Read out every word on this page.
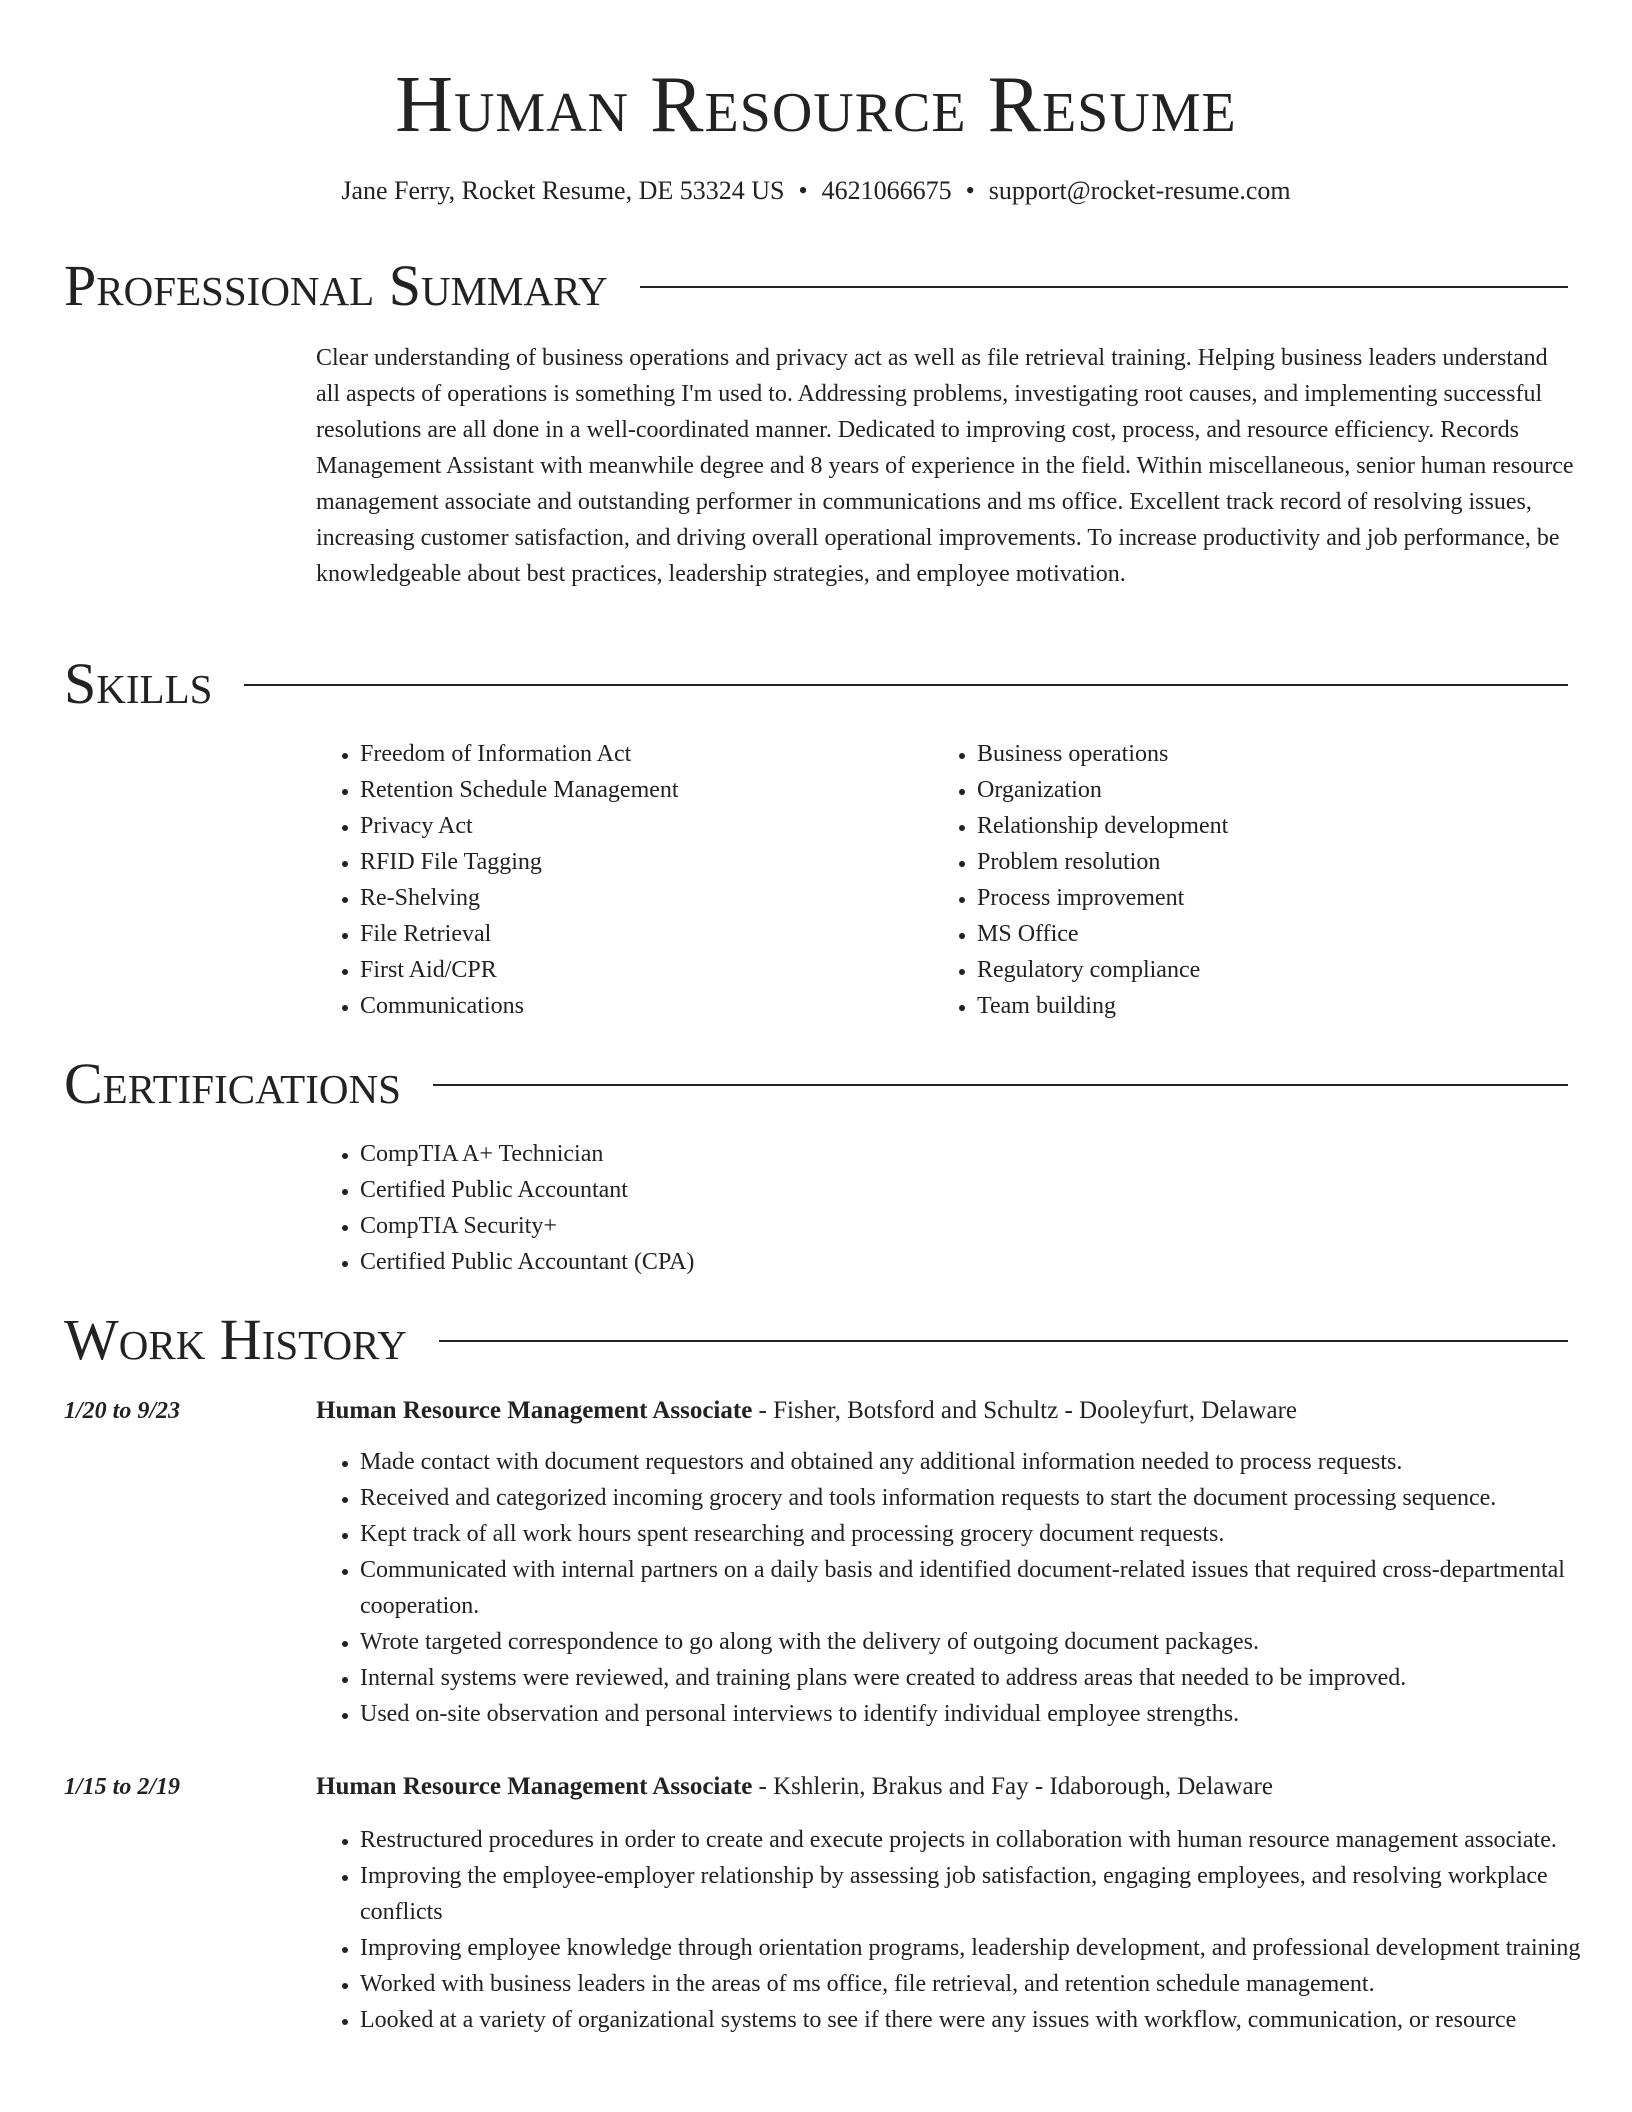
Human Resource Resume
Jane Ferry, Rocket Resume, DE 53324 US • 4621066675 • support@rocket-resume.com
Professional Summary

Clear understanding of business operations and privacy act as well as file retrieval training. Helping business leaders understand all aspects of operations is something I'm used to. Addressing problems, investigating root causes, and implementing successful resolutions are all done in a well-coordinated manner. Dedicated to improving cost, process, and resource efficiency. Records Management Assistant with meanwhile degree and 8 years of experience in the field. Within miscellaneous, senior human resource management associate and outstanding performer in communications and ms office. Excellent track record of resolving issues, increasing customer satisfaction, and driving overall operational improvements. To increase productivity and job performance, be knowledgeable about best practices, leadership strategies, and employee motivation.

Skills
• Freedom of Information Act
• Retention Schedule Management
• Privacy Act
• RFID File Tagging
• Re-Shelving
• File Retrieval
• First Aid/CPR
• Communications
• Business operations
• Organization
• Relationship development
• Problem resolution
• Process improvement
• MS Office
• Regulatory compliance
• Team building
Certifications
• CompTIA A+ Technician
• Certified Public Accountant
• CompTIA Security+
• Certified Public Accountant (CPA)
Work History
1/20 to 9/23	Human Resource Management Associate - Fisher, Botsford and Schultz - Dooleyfurt, Delaware
• Made contact with document requestors and obtained any additional information needed to process requests.
• Received and categorized incoming grocery and tools information requests to start the document processing sequence.
• Kept track of all work hours spent researching and processing grocery document requests.
• Communicated with internal partners on a daily basis and identified document-related issues that required cross-departmental cooperation.
• Wrote targeted correspondence to go along with the delivery of outgoing document packages.
• Internal systems were reviewed, and training plans were created to address areas that needed to be improved.
• Used on-site observation and personal interviews to identify individual employee strengths.
1/15 to 2/19	Human Resource Management Associate - Kshlerin, Brakus and Fay - Idaborough, Delaware
• Restructured procedures in order to create and execute projects in collaboration with human resource management associate.
• Improving the employee-employer relationship by assessing job satisfaction, engaging employees, and resolving workplace conflicts
• Improving employee knowledge through orientation programs, leadership development, and professional development training
• Worked with business leaders in the areas of ms office, file retrieval, and retention schedule management.
• Looked at a variety of organizational systems to see if there were any issues with workflow, communication, or resource
